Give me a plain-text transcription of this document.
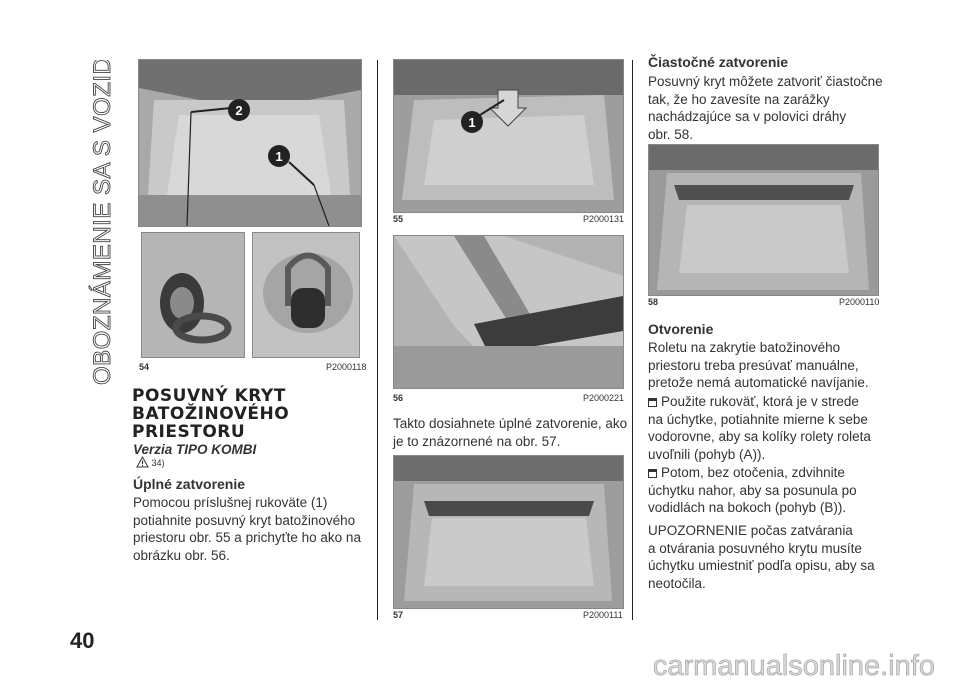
OBOZNÁMENIE SA S VOZIDLOM	2
1
54	P2000118
POSUVNÝ KRYT
BATOŽINOVÉHO
PRIESTORU
Verzia TIPO KOMBI
34)
Úplné zatvorenie
Pomocou príslušnej rukoväte (1)
potiahnite posuvný kryt batožinového
priestoru obr. 55 a prichyťte ho ako na
obrázku obr. 56.
1
55	P2000131
56	P2000221
Takto dosiahnete úplné zatvorenie, ako
je to znázornené na obr. 57.
57	P2000111
Čiastočné zatvorenie
Posuvný kryt môžete zatvoriť čiastočne
tak, že ho zavesíte na zarážky
nachádzajúce sa v polovici dráhy
obr. 58.
58	P2000110
Otvorenie
Roletu na zakrytie batožinového
priestoru treba presúvať manuálne,
pretože nemá automatické navíjanie.
Použite rukoväť, ktorá je v strede
na úchytke, potiahnite mierne k sebe
vodorovne, aby sa kolíky rolety roleta
uvoľnili (pohyb (A)).
Potom, bez otočenia, zdvihnite
úchytku nahor, aby sa posunula po
vodidlách na bokoch (pohyb (B)).
UPOZORNENIE počas zatvárania
a otvárania posuvného krytu musíte
úchytku umiestniť podľa opisu, aby sa
neotočila.
40
carmanualsonline.info
